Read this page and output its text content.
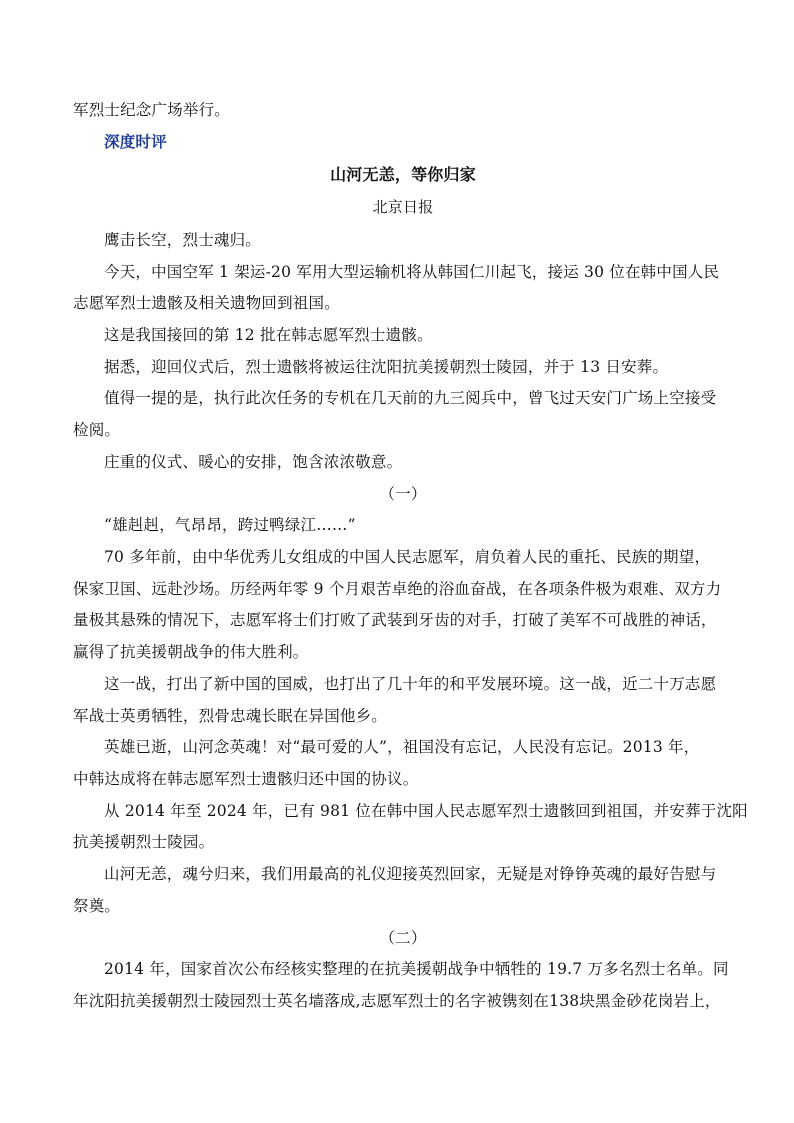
军烈士纪念广场举行。
深度时评
山河无恙，等你归家
北京日报
鹰击长空，烈士魂归。
今天，中国空军 1 架运-20 军用大型运输机将从韩国仁川起飞，接运 30 位在韩中国人民
志愿军烈士遗骸及相关遗物回到祖国。
这是我国接回的第 12 批在韩志愿军烈士遗骸。
据悉，迎回仪式后，烈士遗骸将被运往沈阳抗美援朝烈士陵园，并于 13 日安葬。
值得一提的是，执行此次任务的专机在几天前的九三阅兵中，曾飞过天安门广场上空接受
检阅。
庄重的仪式、暖心的安排，饱含浓浓敬意。
（一）
“雄赳赳，气昂昂，跨过鸭绿江……”
70 多年前，由中华优秀儿女组成的中国人民志愿军，肩负着人民的重托、民族的期望，
保家卫国、远赴沙场。历经两年零 9 个月艰苦卓绝的浴血奋战，在各项条件极为艰难、双方力
量极其悬殊的情况下，志愿军将士们打败了武装到牙齿的对手，打破了美军不可战胜的神话，
赢得了抗美援朝战争的伟大胜利。
这一战，打出了新中国的国威，也打出了几十年的和平发展环境。这一战，近二十万志愿
军战士英勇牺牲，烈骨忠魂长眠在异国他乡。
英雄已逝，山河念英魂！对“最可爱的人”，祖国没有忘记，人民没有忘记。2013 年，
中韩达成将在韩志愿军烈士遗骸归还中国的协议。
从 2014 年至 2024 年，已有 981 位在韩中国人民志愿军烈士遗骸回到祖国，并安葬于沈阳
抗美援朝烈士陵园。
山河无恙，魂兮归来，我们用最高的礼仪迎接英烈回家，无疑是对铮铮英魂的最好告慰与
祭奠。
（二）
2014 年，国家首次公布经核实整理的在抗美援朝战争中牺牲的 19.7 万多名烈士名单。同
年沈阳抗美援朝烈士陵园烈士英名墙落成,志愿军烈士的名字被镌刻在138块黑金砂花岗岩上，
